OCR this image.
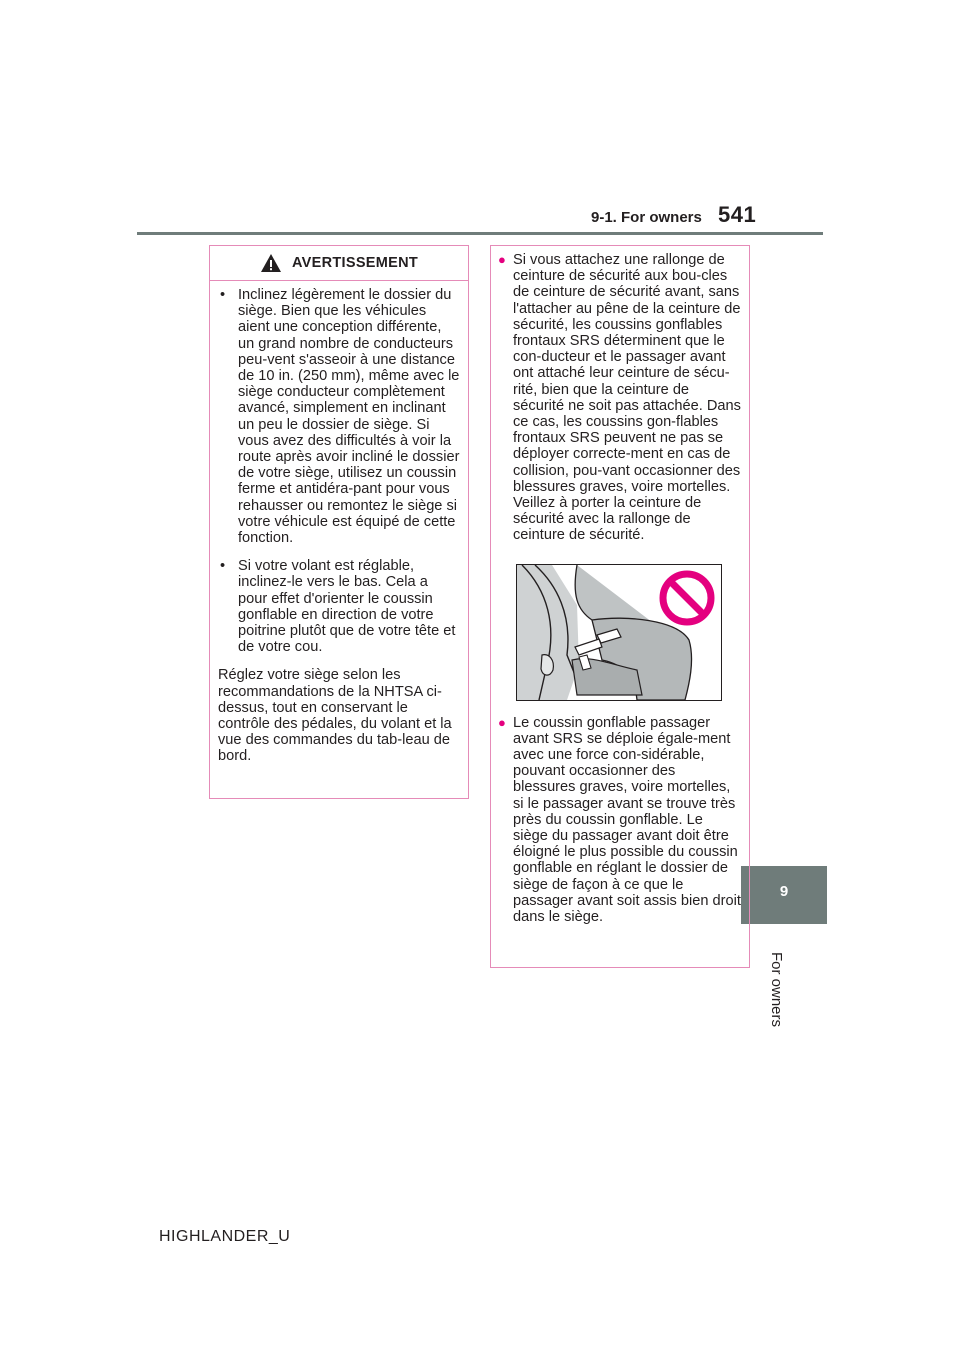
9-1. For owners 541
9
For owners
AVERTISSEMENT
• Inclinez légèrement le dossier du siège. Bien que les véhicules aient une conception différente, un grand nombre de conducteurs peu-vent s'asseoir à une distance de 10 in. (250 mm), même avec le siège conducteur complètement avancé, simplement en inclinant un peu le dossier de siège. Si vous avez des difficultés à voir la route après avoir incliné le dossier de votre siège, utilisez un coussin ferme et antidéra-pant pour vous rehausser ou remontez le siège si votre véhicule est équipé de cette fonction.
• Si votre volant est réglable, inclinez-le vers le bas. Cela a pour effet d'orienter le coussin gonflable en direction de votre poitrine plutôt que de votre tête et de votre cou.

Réglez votre siège selon les recommandations de la NHTSA ci-dessus, tout en conservant le contrôle des pédales, du volant et la vue des commandes du tab-leau de bord.

● Si vous attachez une rallonge de ceinture de sécurité aux bou-cles de ceinture de sécurité avant, sans l'attacher au pêne de la ceinture de sécurité, les coussins gonflables frontaux SRS déterminent que le con-ducteur et le passager avant ont attaché leur ceinture de sécu-rité, bien que la ceinture de sécurité ne soit pas attachée. Dans ce cas, les coussins gon-flables frontaux SRS peuvent ne pas se déployer correcte-ment en cas de collision, pou-vant occasionner des blessures graves, voire mortelles. Veillez à porter la ceinture de sécurité avec la rallonge de ceinture de sécurité.
● Le coussin gonflable passager avant SRS se déploie égale-ment avec une force con-sidérable, pouvant occasionner des blessures graves, voire mortelles, si le passager avant se trouve très près du coussin gonflable. Le siège du passager avant doit être éloigné le plus possible du coussin gonflable en réglant le dossier de siège de façon à ce que le passager avant soit assis bien droit dans le siège.
HIGHLANDER_U
